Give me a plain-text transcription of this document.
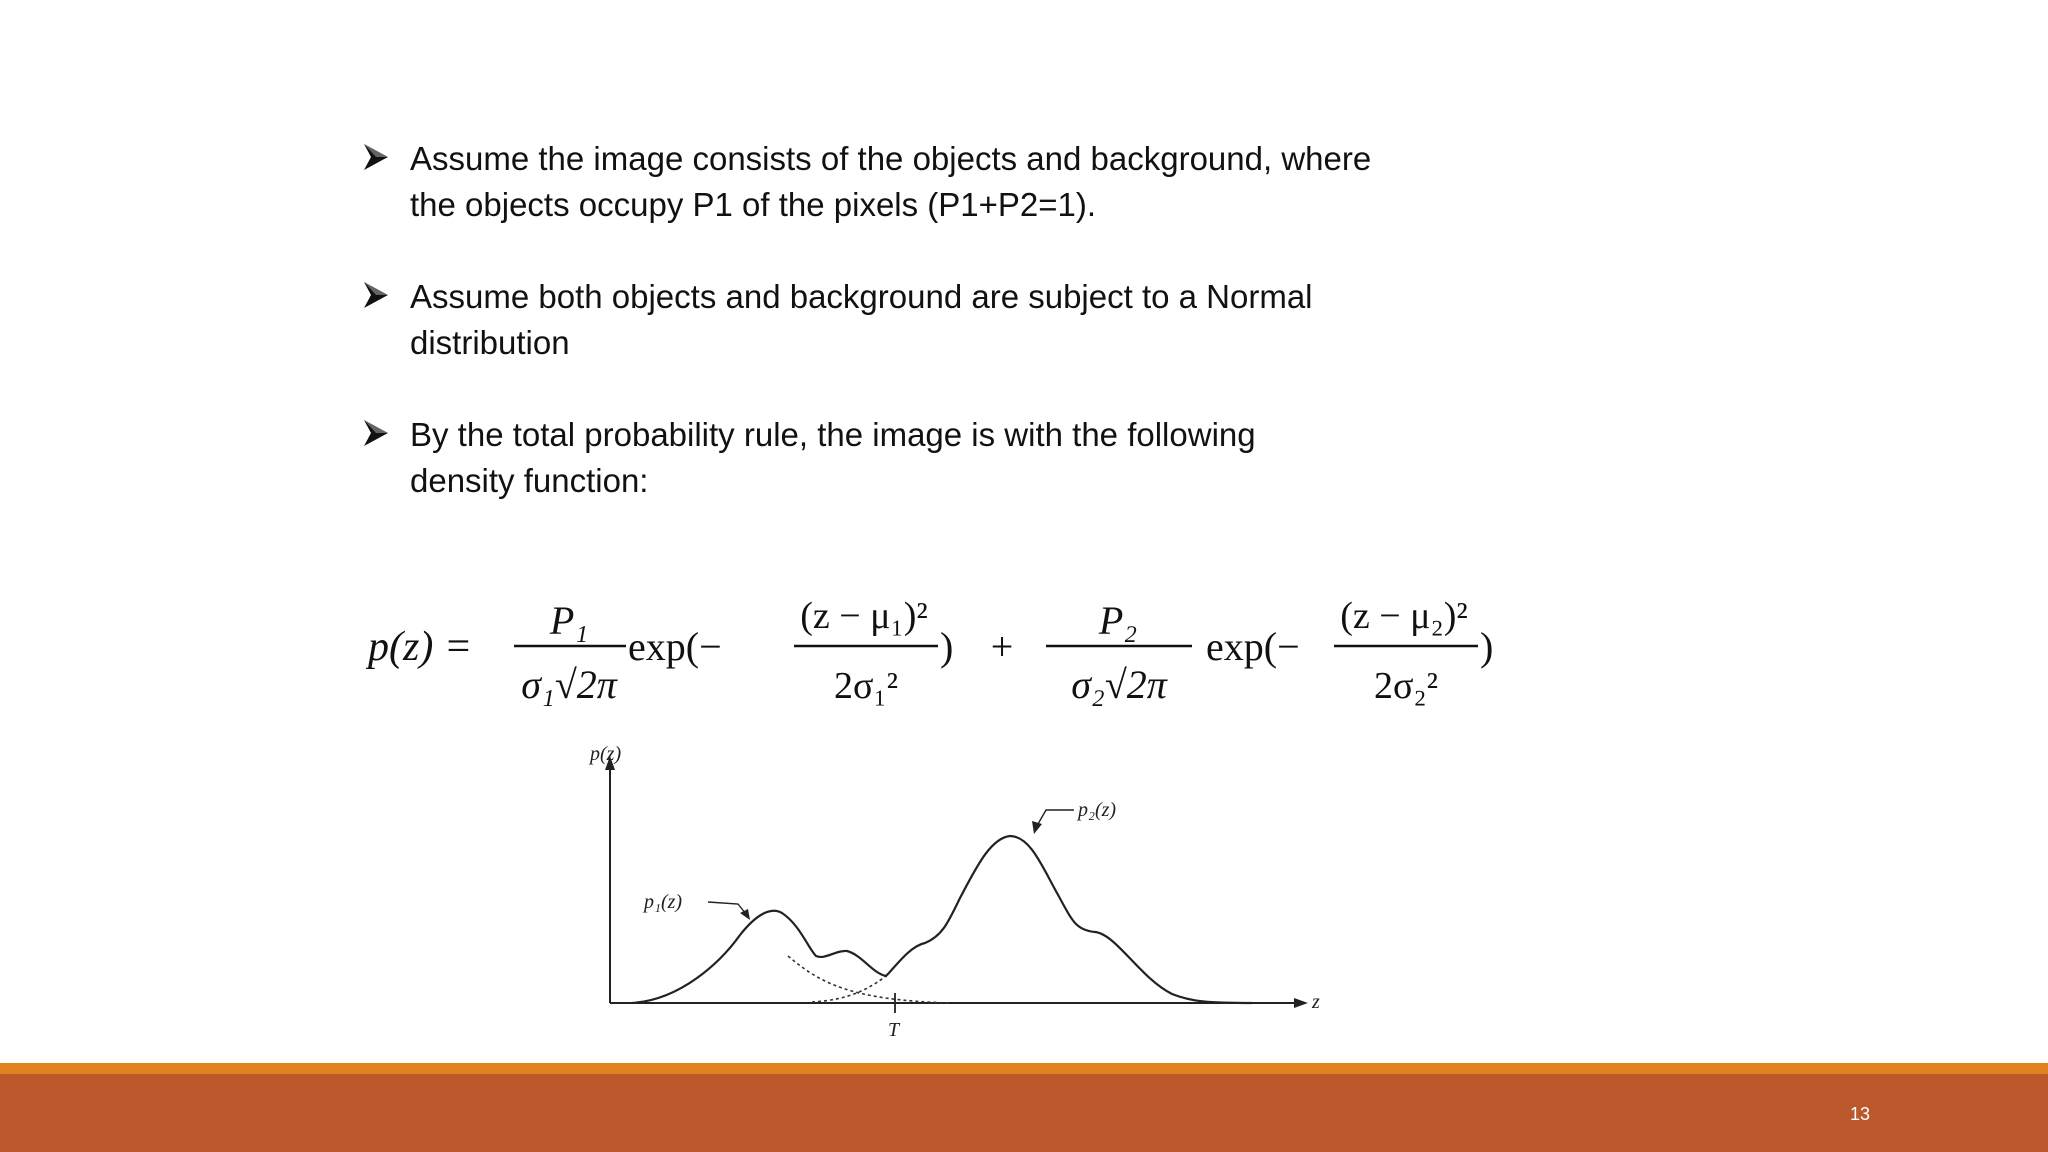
Assume the image consists of the objects and background, where
the objects occupy P1 of the pixels (P1+P2=1).
Assume both objects and background are subject to a Normal
distribution
By the total probability rule, the image is with the following
density function:
p(z) =
P₁
σ₁√2π
exp(−
(z − μ₁)²
2σ₁²
) +
P₂
σ₂√2π
exp(−
(z − μ₂)²
2σ₂²
)
p(z)
z
T
p₁(z)
p₂(z)
13
